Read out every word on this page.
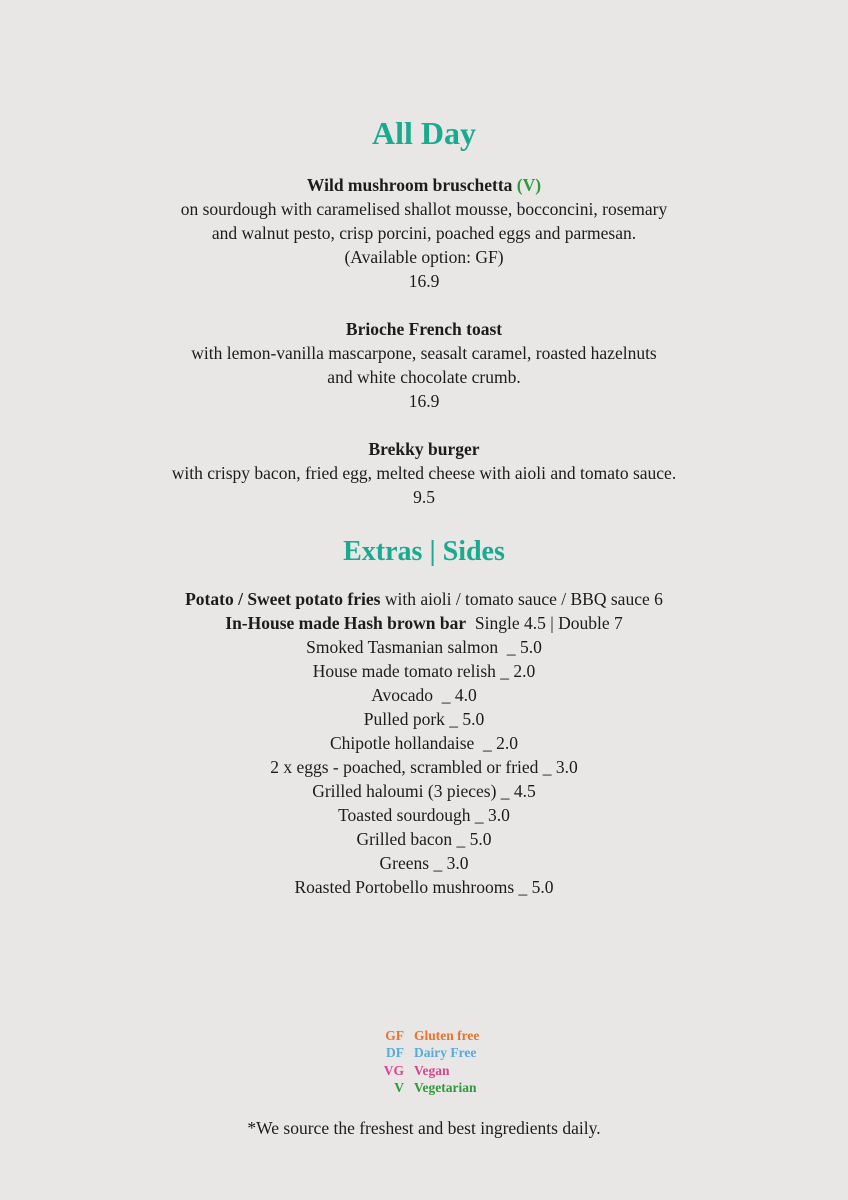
All Day
Wild mushroom bruschetta (V)
on sourdough with caramelised shallot mousse, bocconcini, rosemary
and walnut pesto, crisp porcini, poached eggs and parmesan.
(Available option: GF)
16.9
Brioche French toast
with lemon-vanilla mascarpone, seasalt caramel, roasted hazelnuts
and white chocolate crumb.
16.9
Brekky burger
with crispy bacon, fried egg, melted cheese with aioli and tomato sauce.
9.5
Extras | Sides
Potato / Sweet potato fries with aioli / tomato sauce / BBQ sauce 6
In-House made Hash brown bar  Single 4.5 | Double 7
Smoked Tasmanian salmon  _ 5.0
House made tomato relish _ 2.0
Avocado  _ 4.0
Pulled pork _ 5.0
Chipotle hollandaise  _ 2.0
2 x eggs - poached, scrambled or fried _ 3.0
Grilled haloumi (3 pieces) _ 4.5
Toasted sourdough _ 3.0
Grilled bacon _ 5.0
Greens _ 3.0
Roasted Portobello mushrooms _ 5.0
GF Gluten free
DF Dairy Free
VG Vegan
V Vegetarian
*We source the freshest and best ingredients daily.
